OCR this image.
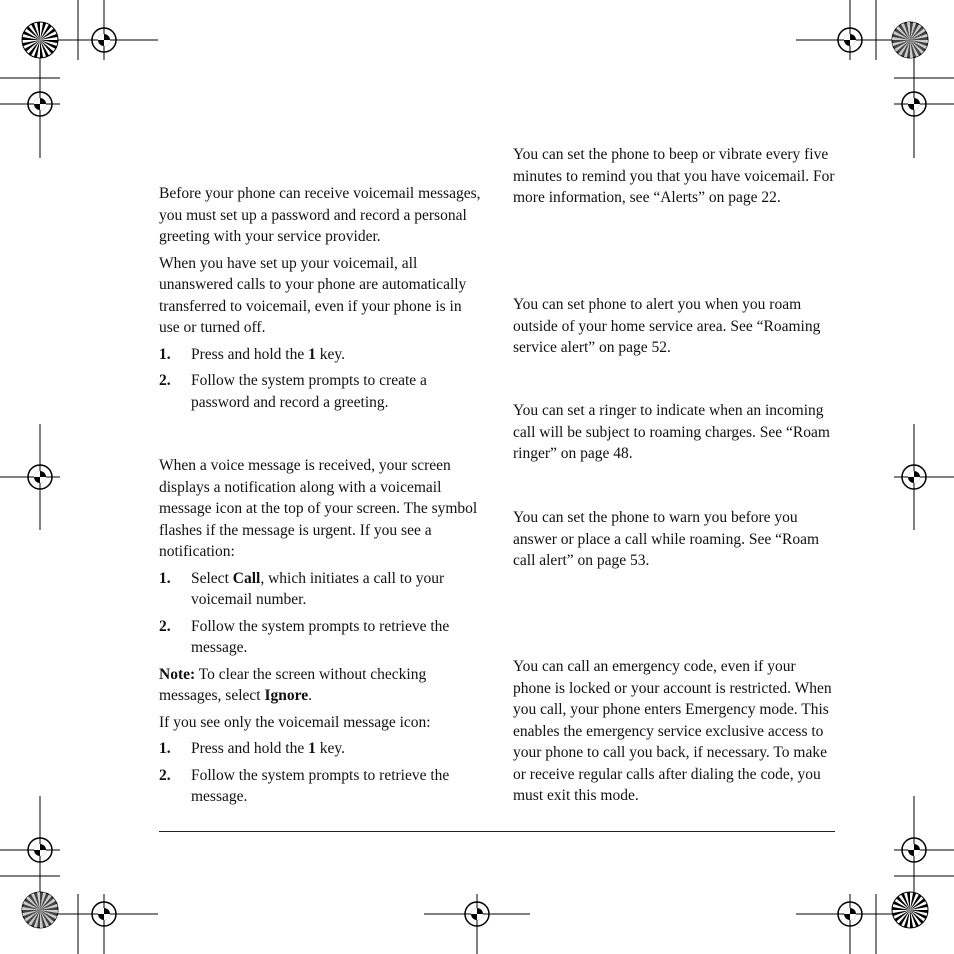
Before your phone can receive voicemail messages, you must set up a password and record a personal greeting with your service provider.

When you have set up your voicemail, all unanswered calls to your phone are automatically transferred to voicemail, even if your phone is in use or turned off.

1. Press and hold the 1 key.
2. Follow the system prompts to create a password and record a greeting.

When a voice message is received, your screen displays a notification along with a voicemail message icon at the top of your screen. The symbol flashes if the message is urgent. If you see a notification:

1. Select Call, which initiates a call to your voicemail number.
2. Follow the system prompts to retrieve the message.

Note: To clear the screen without checking messages, select Ignore.

If you see only the voicemail message icon:

1. Press and hold the 1 key.
2. Follow the system prompts to retrieve the message.

You can set the phone to beep or vibrate every five minutes to remind you that you have voicemail. For more information, see “Alerts” on page 22.

You can set phone to alert you when you roam outside of your home service area. See “Roaming service alert” on page 52.

You can set a ringer to indicate when an incoming call will be subject to roaming charges. See “Roam ringer” on page 48.

You can set the phone to warn you before you answer or place a call while roaming. See “Roam call alert” on page 53.

You can call an emergency code, even if your phone is locked or your account is restricted. When you call, your phone enters Emergency mode. This enables the emergency service exclusive access to your phone to call you back, if necessary. To make or receive regular calls after dialing the code, you must exit this mode.
